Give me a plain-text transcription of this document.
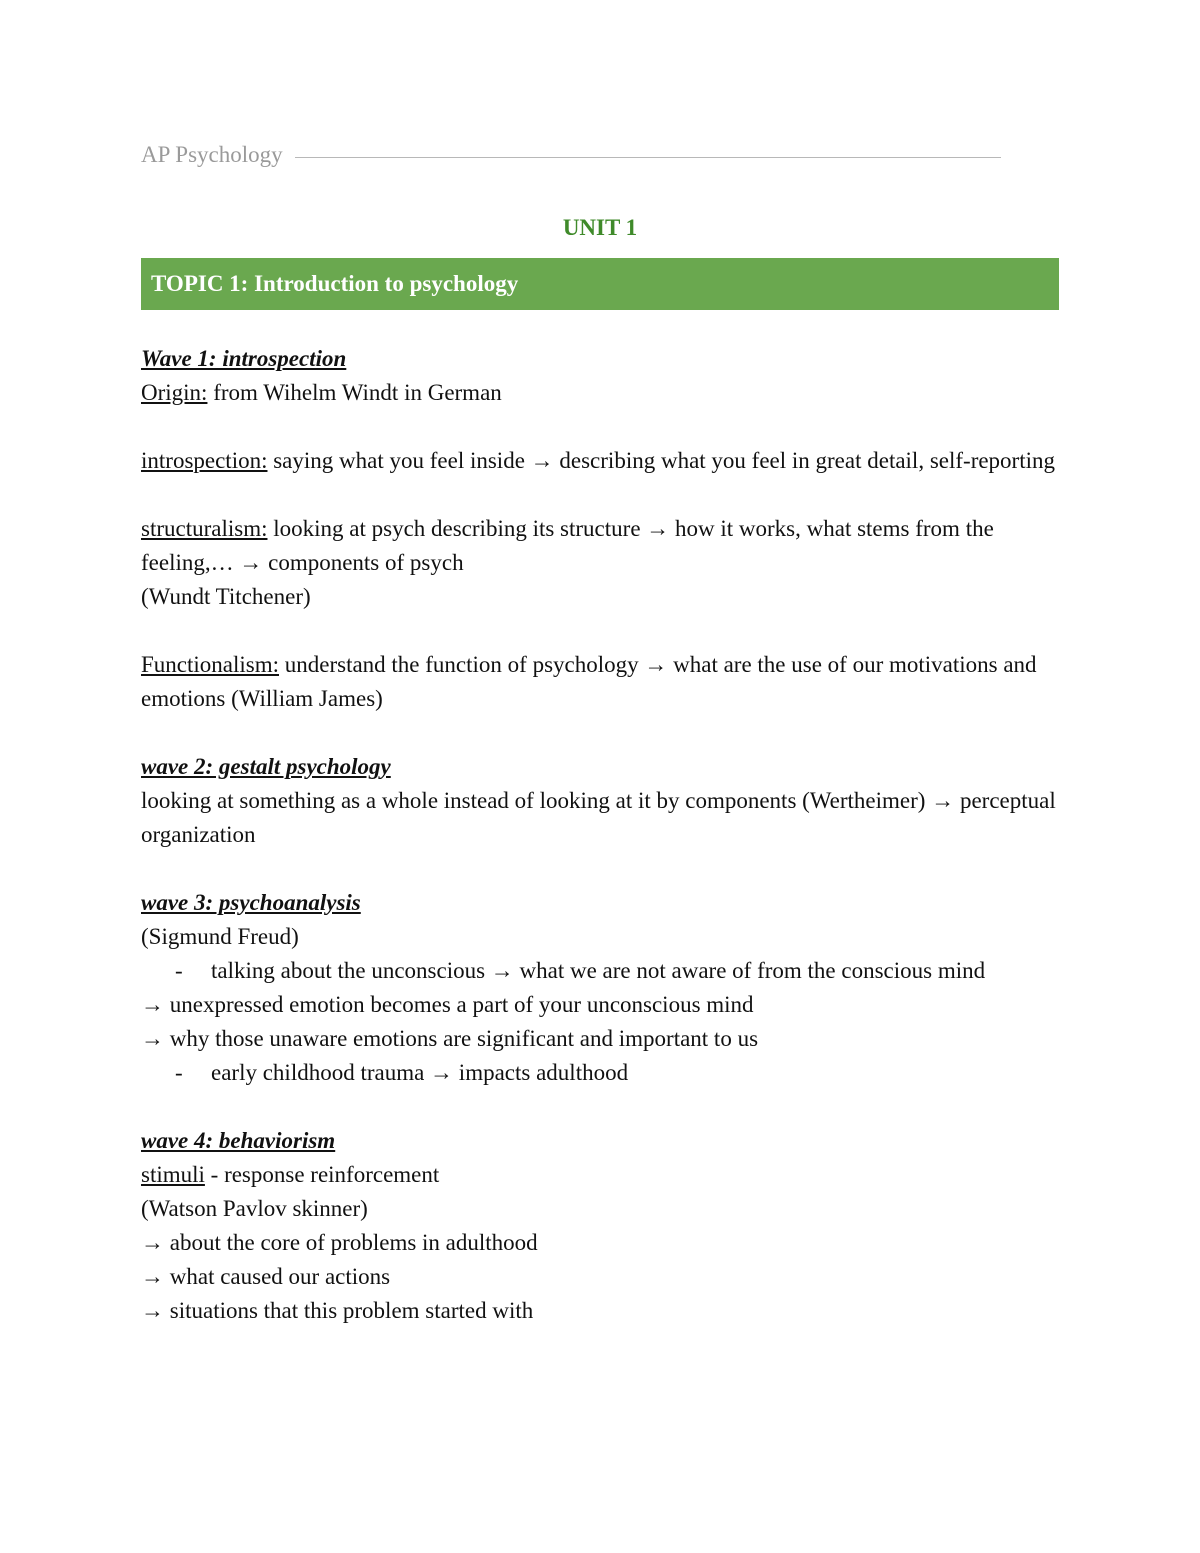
AP Psychology
UNIT 1
TOPIC 1: Introduction to psychology

Wave 1: introspection

Origin: from Wihelm Windt in German

introspection: saying what you feel inside → describing what you feel in great detail, self-reporting

structuralism: looking at psych describing its structure → how it works, what stems from the feeling,… → components of psych

(Wundt Titchener)

Functionalism: understand the function of psychology → what are the use of our motivations and emotions (William James)

wave 2: gestalt psychology

looking at something as a whole instead of looking at it by components (Wertheimer) → perceptual organization

wave 3: psychoanalysis

(Sigmund Freud)

-	talking about the unconscious → what we are not aware of from the conscious mind

→ unexpressed emotion becomes a part of your unconscious mind

→ why those unaware emotions are significant and important to us

-	early childhood trauma → impacts adulthood

wave 4: behaviorism

stimuli - response reinforcement

(Watson Pavlov skinner)

→ about the core of problems in adulthood

→ what caused our actions

→ situations that this problem started with
